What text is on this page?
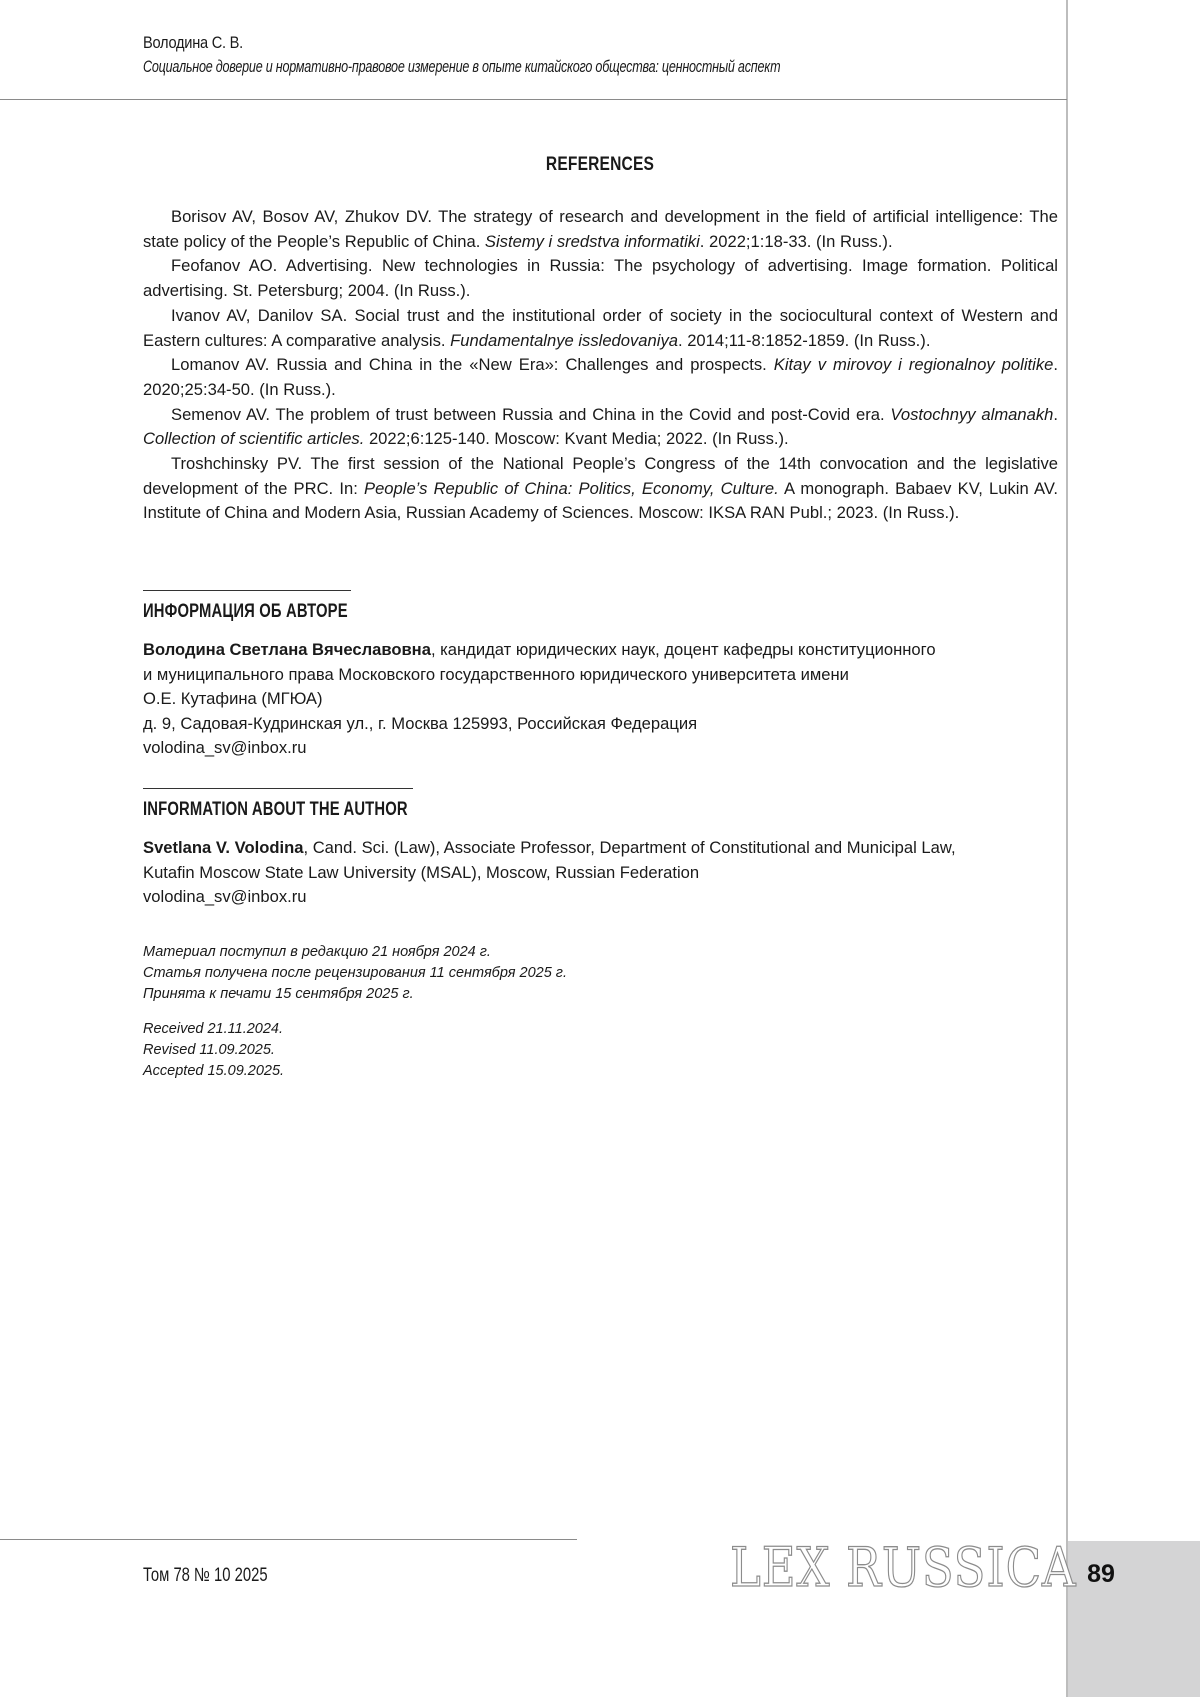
89
Володина С. В.
Социальное доверие и нормативно-правовое измерение в опыте китайского общества: ценностный аспект
REFERENCES

Borisov AV, Bosov AV, Zhukov DV. The strategy of research and development in the field of artificial intelligence: The state policy of the People’s Republic of China. Sistemy i sredstva informatiki. 2022;1:18-33. (In Russ.).

Feofanov AO. Advertising. New technologies in Russia: The psychology of advertising. Image formation. Political advertising. St. Petersburg; 2004. (In Russ.).

Ivanov AV, Danilov SA. Social trust and the institutional order of society in the sociocultural context of Western and Eastern cultures: A comparative analysis. Fundamentalnye issledovaniya. 2014;11-8:1852-1859. (In Russ.).

Lomanov AV. Russia and China in the «New Era»: Challenges and prospects. Kitay v mirovoy i regionalnoy politike. 2020;25:34-50. (In Russ.).

Semenov AV. The problem of trust between Russia and China in the Covid and post-Covid era. Vostochnyy almanakh. Collection of scientific articles. 2022;6:125-140. Moscow: Kvant Media; 2022. (In Russ.).

Troshchinsky PV. The first session of the National People’s Congress of the 14th convocation and the legislative development of the PRC. In: People’s Republic of China: Politics, Economy, Culture. A monograph. Babaev KV, Lukin AV. Institute of China and Modern Asia, Russian Academy of Sciences. Moscow: IKSA RAN Publ.; 2023. (In Russ.).

ИНФОРМАЦИЯ ОБ АВТОРЕ
Володина Светлана Вячеславовна, кандидат юридических наук, доцент кафедры конституционного
и муниципального права Московского государственного юридического университета имени
О.Е. Кутафина (МГЮА)
д. 9, Садовая-Кудринская ул., г. Москва 125993, Российская Федерация
volodina_sv@inbox.ru
INFORMATION ABOUT THE AUTHOR
Svetlana V. Volodina, Cand. Sci. (Law), Associate Professor, Department of Constitutional and Municipal Law,
Kutafin Moscow State Law University (MSAL), Moscow, Russian Federation
volodina_sv@inbox.ru
Материал поступил в редакцию 21 ноября 2024 г.
Статья получена после рецензирования 11 сентября 2025 г.
Принята к печати 15 сентября 2025 г.
Received 21.11.2024.
Revised 11.09.2025.
Accepted 15.09.2025.
Том 78 № 10 2025	LEX RUSSICA
